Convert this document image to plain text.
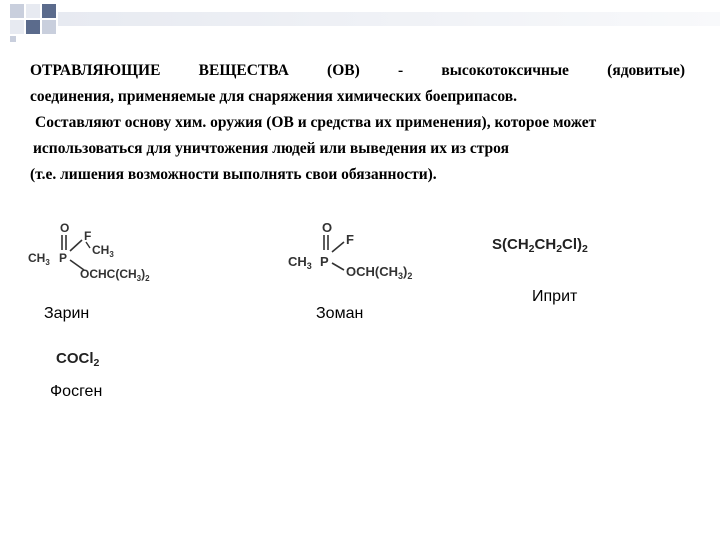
ОТРАВЛЯЮЩИЕ ВЕЩЕСТВА (ОВ) - высокотоксичные (ядовитые)
соединения, применяемые для снаряжения химических боеприпасов.
Составляют основу хим. оружия (ОВ и средства их применения), которое может
использоваться для уничтожения людей или выведения их из строя
(т.е. лишения возможности выполнять свои обязанности).
O
F
$CH_3$
$CH_3$ P
$OCHC(CH_3)_2$
Зарин
O
F
$CH_3$ P
$OCH(CH_3)_2$
Зоман
$S(CH_2CH_2Cl)_2$
Иприт
COCl$_2$
Фосген
